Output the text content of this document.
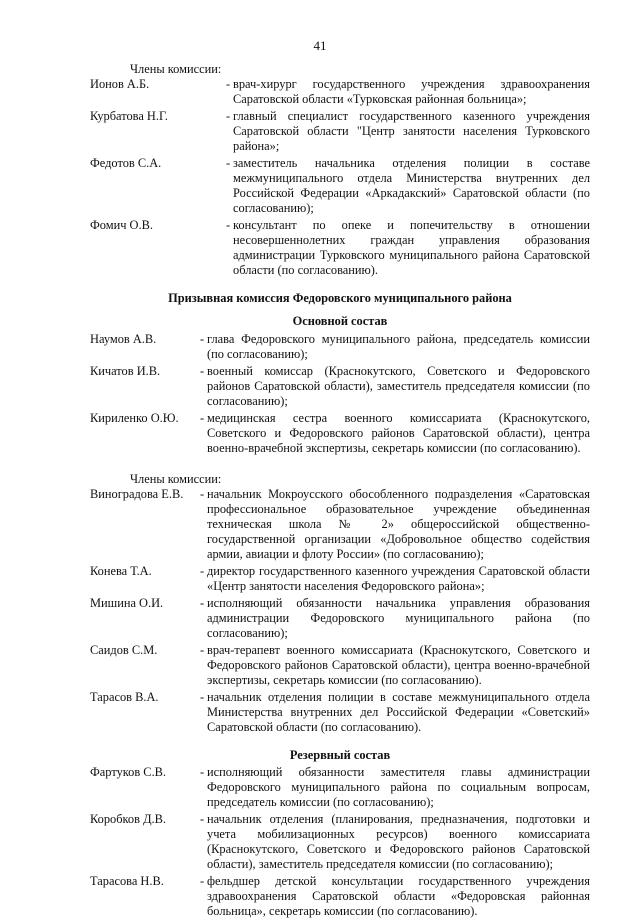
41

Члены комиссии:

Ионов А.Б.	- врач-хирург государственного учреждения здравоохранения Саратовской области «Турковская районная больница»;
Курбатова Н.Г.	- главный специалист государственного казенного учреждения Саратовской области "Центр занятости населения Турковского района»;
Федотов С.А.	- заместитель начальника отделения полиции в составе межмуниципального отдела Министерства внутренних дел Российской Федерации «Аркадакский» Саратовской области (по согласованию);
Фомич О.В.	- консультант по опеке и попечительству в отношении несовершеннолетних граждан управления образования администрации Турковского муниципального района Саратовской области (по согласованию).

Призывная комиссия Федоровского муниципального района

Основной состав

Наумов А.В.	- глава Федоровского муниципального района, председатель комиссии (по согласованию);
Кичатов И.В.	- военный комиссар (Краснокутского, Советского и Федоровского районов Саратовской области), заместитель председателя комиссии (по согласованию);
Кириленко О.Ю.	- медицинская сестра военного комиссариата (Краснокутского, Советского и Федоровского районов Саратовской области), центра военно-врачебной экспертизы, секретарь комиссии (по согласованию).

Члены комиссии:

Виноградова Е.В.	- начальник Мокроусского обособленного подразделения «Саратовская профессиональное образовательное учреждение объединенная техническая школа № 2» общероссийской общественно-государственной организации «Добровольное общество содействия армии, авиации и флоту России» (по согласованию);
Конева Т.А.	- директор государственного казенного учреждения Саратовской области «Центр занятости населения Федоровского района»;
Мишина О.И.	- исполняющий обязанности начальника управления образования администрации Федоровского муниципального района (по согласованию);
Саидов С.М.	- врач-терапевт военного комиссариата (Краснокутского, Советского и Федоровского районов Саратовской области), центра военно-врачебной экспертизы, секретарь комиссии (по согласованию).
Тарасов В.А.	- начальник отделения полиции в составе межмуниципального отдела Министерства внутренних дел Российской Федерации «Советский» Саратовской области (по согласованию).

Резервный состав

Фартуков С.В.	- исполняющий обязанности заместителя главы администрации Федоровского муниципального района по социальным вопросам, председатель комиссии (по согласованию);
Коробков Д.В.	- начальник отделения (планирования, предназначения, подготовки и учета мобилизационных ресурсов) военного комиссариата (Краснокутского, Советского и Федоровского районов Саратовской области), заместитель председателя комиссии (по согласованию);
Тарасова Н.В.	- фельдшер детской консультации государственного учреждения здравоохранения Саратовской области «Федоровская районная больница», секретарь комиссии (по согласованию).
